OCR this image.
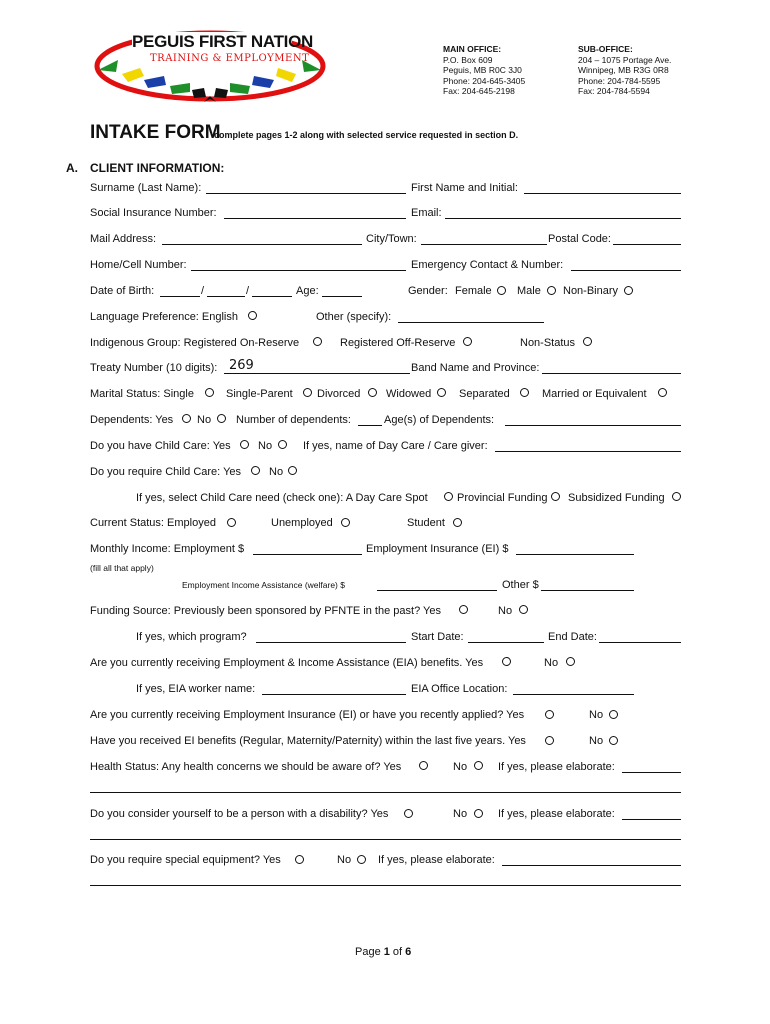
PEGUIS FIRST NATION
TRAINING & EMPLOYMENT
MAIN OFFICE:
P.O. Box 609
Peguis, MB R0C 3J0
Phone: 204-645-3405
Fax: 204-645-2198
SUB-OFFICE:
204 – 1075 Portage Ave.
Winnipeg, MB R3G 0R8
Phone: 204-784-5595
Fax: 204-784-5594
INTAKE FORM
complete pages 1-2 along with selected service requested in section D.
A. CLIENT INFORMATION:
Surname (Last Name):	First Name and Initial:
Social Insurance Number:	Email:
Mail Address:	City/Town:	Postal Code:
Home/Cell Number:	Emergency Contact & Number:
Date of Birth:	/	/	Age:	Gender: Female Male Non-Binary
Language Preference: English	Other (specify):
Indigenous Group: Registered On-Reserve	Registered Off-Reserve	Non-Status
Treaty Number (10 digits): 269	Band Name and Province:
Marital Status: Single	Single-Parent Divorced Widowed	Separated	Married or Equivalent
Dependents: Yes No Number of dependents:	Age(s) of Dependents:
Do you have Child Care: Yes No	If yes, name of Day Care / Care giver:
Do you require Child Care: Yes	No
If yes, select Child Care need (check one): A Day Care Spot	Provincial Funding Subsidized Funding
Current Status: Employed	Unemployed	Student
Monthly Income: Employment $	Employment Insurance (EI) $
(fill all that apply)
Employment Income Assistance (welfare) $	Other $
Funding Source: Previously been sponsored by PFNTE in the past? Yes	No
If yes, which program?	Start Date:	End Date:
Are you currently receiving Employment & Income Assistance (EIA) benefits. Yes	No
If yes, EIA worker name:	EIA Office Location:
Are you currently receiving Employment Insurance (EI) or have you recently applied? Yes	No
Have you received EI benefits (Regular, Maternity/Paternity) within the last five years. Yes	No
Health Status: Any health concerns we should be aware of? Yes	No	If yes, please elaborate:
Do you consider yourself to be a person with a disability? Yes	No	If yes, please elaborate:
Do you require special equipment? Yes	No If yes, please elaborate:
Page 1 of 6
